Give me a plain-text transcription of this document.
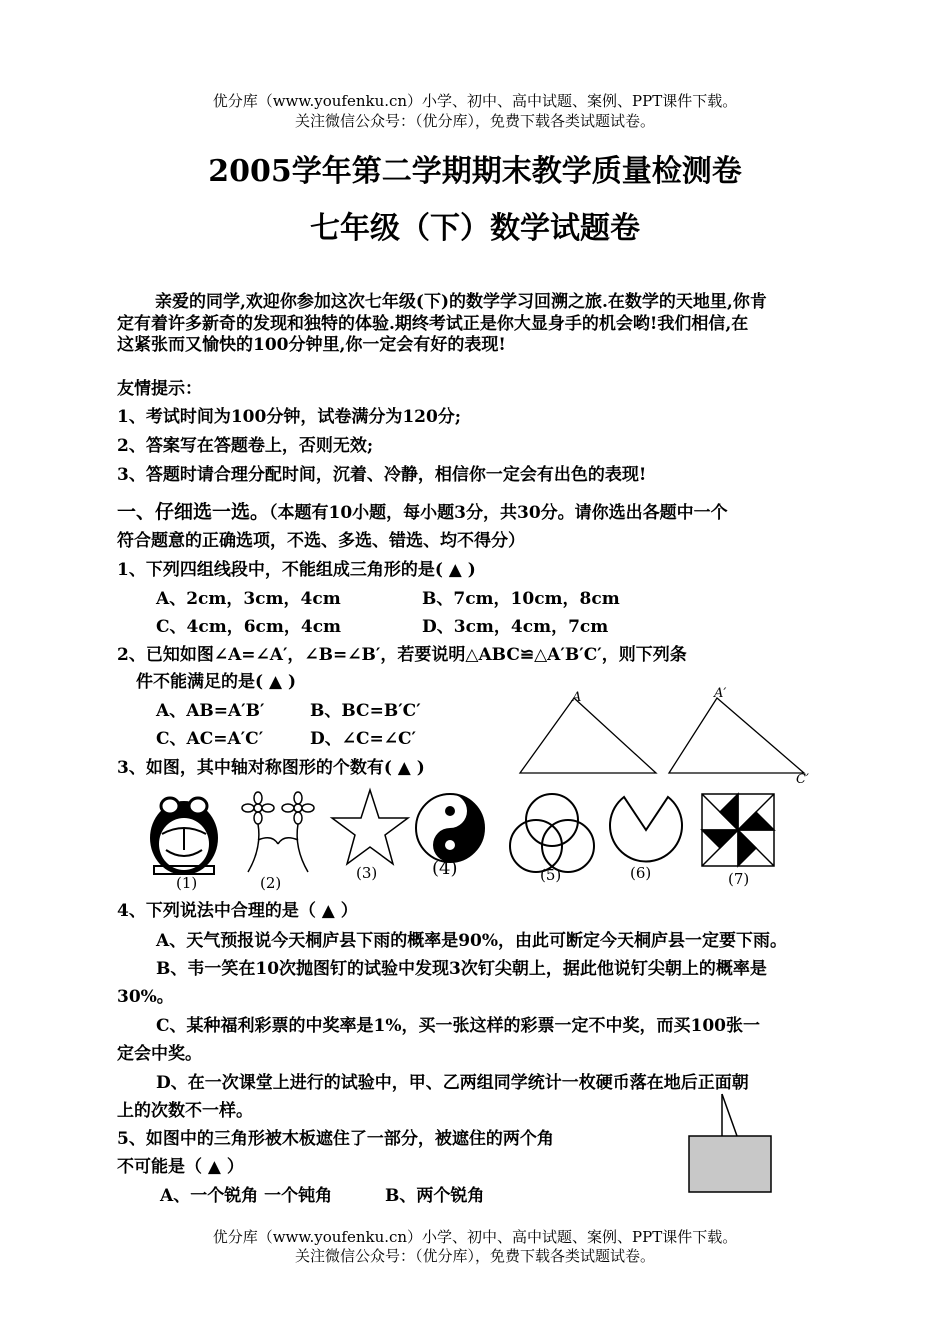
优分库（www.youfenku.cn）小学、初中、高中试题、案例、PPT课件下载。
关注微信公众号：（优分库），免费下载各类试题试卷。
2005学年第二学期期末教学质量检测卷
七年级（下）数学试题卷
亲爱的同学,欢迎你参加这次七年级(下)的数学学习回溯之旅.在数学的天地里,你肯
定有着许多新奇的发现和独特的体验.期终考试正是你大显身手的机会哟!我们相信,在
这紧张而又愉快的100分钟里,你一定会有好的表现!
友情提示：
1、考试时间为100分钟，试卷满分为120分;
2、答案写在答题卷上，否则无效;
3、答题时请合理分配时间，沉着、冷静，相信你一定会有出色的表现!
一、仔细选一选。（本题有10小题，每小题3分，共30分。请你选出各题中一个
符合题意的正确选项，不选、多选、错选、均不得分）
1、下列四组线段中，不能组成三角形的是( ▲ )
A、2cm，3cm，4cm	B、7cm，10cm，8cm
C、4cm，6cm，4cm	D、3cm，4cm，7cm
2、已知如图∠A=∠A′，∠B=∠B′，若要说明△ABC≌△A′B′C′，则下列条
件不能满足的是( ▲ )
A、AB=A′B′	B、BC=B′C′
C、AC=A′C′	D、∠C=∠C′
A	A′
C′
3、如图，其中轴对称图形的个数有( ▲ )
(1)	(2)
(3)	(4)	(5)	(6)	(7)
4、下列说法中合理的是（ ▲ ）
A、天气预报说今天桐庐县下雨的概率是90%，由此可断定今天桐庐县一定要下雨。
B、韦一笑在10次抛图钉的试验中发现3次钉尖朝上，据此他说钉尖朝上的概率是
30%。
C、某种福利彩票的中奖率是1%，买一张这样的彩票一定不中奖，而买100张一
定会中奖。
D、在一次课堂上进行的试验中，甲、乙两组同学统计一枚硬币落在地后正面朝
上的次数不一样。
5、如图中的三角形被木板遮住了一部分，被遮住的两个角
不可能是（ ▲ ）
A、一个锐角 一个钝角	B、两个锐角
优分库（www.youfenku.cn）小学、初中、高中试题、案例、PPT课件下载。
关注微信公众号：（优分库），免费下载各类试题试卷。
